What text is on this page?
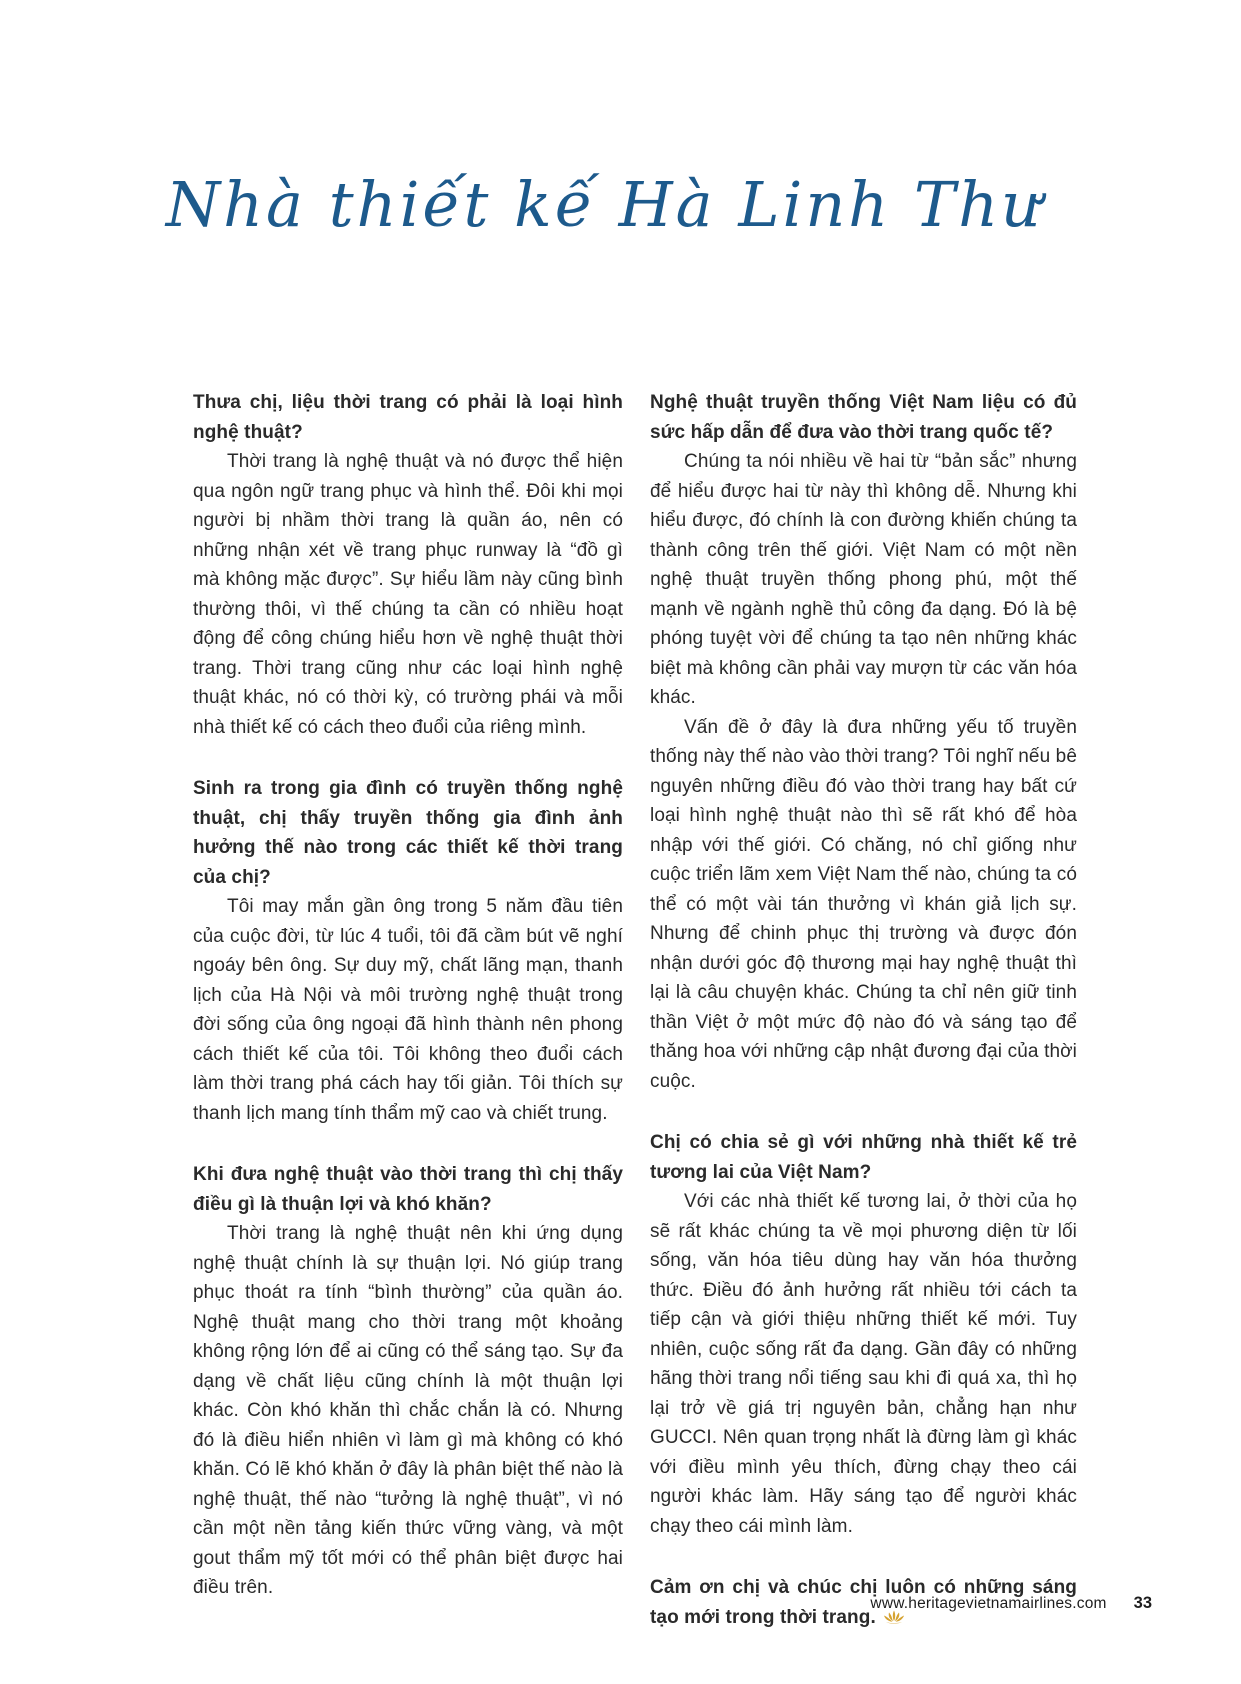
Nhà thiết kế Hà Linh Thư

Thưa chị, liệu thời trang có phải là loại hình nghệ thuật?

Thời trang là nghệ thuật và nó được thể hiện qua ngôn ngữ trang phục và hình thể. Đôi khi mọi người bị nhầm thời trang là quần áo, nên có những nhận xét về trang phục runway là “đồ gì mà không mặc được”. Sự hiểu lầm này cũng bình thường thôi, vì thế chúng ta cần có nhiều hoạt động để công chúng hiểu hơn về nghệ thuật thời trang. Thời trang cũng như các loại hình nghệ thuật khác, nó có thời kỳ, có trường phái và mỗi nhà thiết kế có cách theo đuổi của riêng mình.

Sinh ra trong gia đình có truyền thống nghệ thuật, chị thấy truyền thống gia đình ảnh hưởng thế nào trong các thiết kế thời trang của chị?

Tôi may mắn gần ông trong 5 năm đầu tiên của cuộc đời, từ lúc 4 tuổi, tôi đã cầm bút vẽ nghí ngoáy bên ông. Sự duy mỹ, chất lãng mạn, thanh lịch của Hà Nội và môi trường nghệ thuật trong đời sống của ông ngoại đã hình thành nên phong cách thiết kế của tôi. Tôi không theo đuổi cách làm thời trang phá cách hay tối giản. Tôi thích sự thanh lịch mang tính thẩm mỹ cao và chiết trung.

Khi đưa nghệ thuật vào thời trang thì chị thấy điều gì là thuận lợi và khó khăn?

Thời trang là nghệ thuật nên khi ứng dụng nghệ thuật chính là sự thuận lợi. Nó giúp trang phục thoát ra tính “bình thường” của quần áo. Nghệ thuật mang cho thời trang một khoảng không rộng lớn để ai cũng có thể sáng tạo. Sự đa dạng về chất liệu cũng chính là một thuận lợi khác. Còn khó khăn thì chắc chắn là có. Nhưng đó là điều hiển nhiên vì làm gì mà không có khó khăn. Có lẽ khó khăn ở đây là phân biệt thế nào là nghệ thuật, thế nào “tưởng là nghệ thuật”, vì nó cần một nền tảng kiến thức vững vàng, và một gout thẩm mỹ tốt mới có thể phân biệt được hai điều trên.

Nghệ thuật truyền thống Việt Nam liệu có đủ sức hấp dẫn để đưa vào thời trang quốc tế?

Chúng ta nói nhiều về hai từ “bản sắc” nhưng để hiểu được hai từ này thì không dễ. Nhưng khi hiểu được, đó chính là con đường khiến chúng ta thành công trên thế giới. Việt Nam có một nền nghệ thuật truyền thống phong phú, một thế mạnh về ngành nghề thủ công đa dạng. Đó là bệ phóng tuyệt vời để chúng ta tạo nên những khác biệt mà không cần phải vay mượn từ các văn hóa khác.

Vấn đề ở đây là đưa những yếu tố truyền thống này thế nào vào thời trang? Tôi nghĩ nếu bê nguyên những điều đó vào thời trang hay bất cứ loại hình nghệ thuật nào thì sẽ rất khó để hòa nhập với thế giới. Có chăng, nó chỉ giống như cuộc triển lãm xem Việt Nam thế nào, chúng ta có thể có một vài tán thưởng vì khán giả lịch sự. Nhưng để chinh phục thị trường và được đón nhận dưới góc độ thương mại hay nghệ thuật thì lại là câu chuyện khác. Chúng ta chỉ nên giữ tinh thần Việt ở một mức độ nào đó và sáng tạo để thăng hoa với những cập nhật đương đại của thời cuộc.

Chị có chia sẻ gì với những nhà thiết kế trẻ tương lai của Việt Nam?

Với các nhà thiết kế tương lai, ở thời của họ sẽ rất khác chúng ta về mọi phương diện từ lối sống, văn hóa tiêu dùng hay văn hóa thưởng thức. Điều đó ảnh hưởng rất nhiều tới cách ta tiếp cận và giới thiệu những thiết kế mới. Tuy nhiên, cuộc sống rất đa dạng. Gần đây có những hãng thời trang nổi tiếng sau khi đi quá xa, thì họ lại trở về giá trị nguyên bản, chẳng hạn như GUCCI. Nên quan trọng nhất là đừng làm gì khác với điều mình yêu thích, đừng chạy theo cái người khác làm. Hãy sáng tạo để người khác chạy theo cái mình làm.

Cảm ơn chị và chúc chị luôn có những sáng tạo mới trong thời trang.

www.heritagevietnamairlines.com 33
